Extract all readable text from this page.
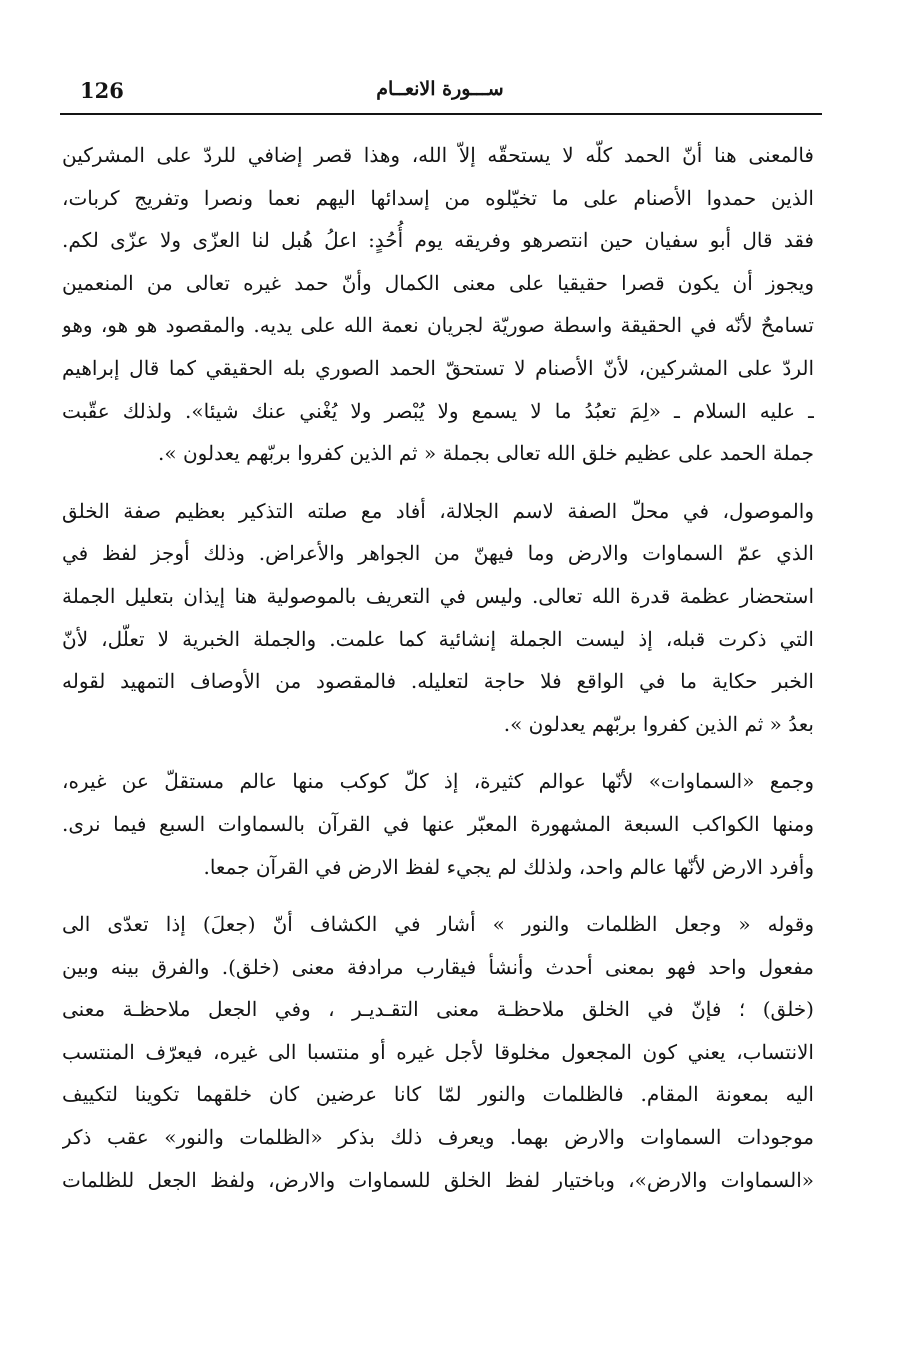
126	ســـورة الانعــام
فالمعنى هنا أنّ الحمد كلّه لا يستحقّه إلاّ الله، وهذا قصر إضافي للردّ على المشركين
الذين حمدوا الأصنام على ما تخيّلوه من إسدائها اليهم نعما ونصرا وتفريج كربات،
فقد قال أبو سفيان حين انتصرهو وفريقه يوم أُحُدٍ: اعلُ هُبل لنا العزّى ولا عزّى لكم.
ويجوز أن يكون قصرا حقيقيا على معنى الكمال وأنّ حمد غيره تعالى من المنعمين
تسامحٌ لأنّه في الحقيقة واسطة صوريّة لجريان نعمة الله على يديه. والمقصود هو هو، وهو
الردّ على المشركين، لأنّ الأصنام لا تستحقّ الحمد الصوري بله الحقيقي كما قال إبراهيم
ـ عليه السلام ـ «لِمَ تعبُدُ ما لا يسمع ولا يُبْصر ولا يُغْني عنك شيئا». ولذلك عقّبت
جملة الحمد على عظيم خلق الله تعالى بجملة « ثم الذين كفروا بربّهم يعدلون ».
والموصول، في محلّ الصفة لاسم الجلالة، أفاد مع صلته التذكير بعظيم صفة الخلق
الذي عمّ السماوات والارض وما فيهنّ من الجواهر والأعراض. وذلك أوجز لفظ في
استحضار عظمة قدرة الله تعالى. وليس في التعريف بالموصولية هنا إيذان بتعليل الجملة
التي ذكرت قبله، إذ ليست الجملة إنشائية كما علمت. والجملة الخبرية لا تعلّل، لأنّ
الخبر حكاية ما في الواقع فلا حاجة لتعليله. فالمقصود من الأوصاف التمهيد لقوله
بعدُ « ثم الذين كفروا بربّهم يعدلون ».
وجمع «السماوات» لأنّها عوالم كثيرة، إذ كلّ كوكب منها عالم مستقلّ عن غيره،
ومنها الكواكب السبعة المشهورة المعبّر عنها في القرآن بالسماوات السبع فيما نرى.
وأفرد الارض لأنّها عالم واحد، ولذلك لم يجيء لفظ الارض في القرآن جمعا.
وقوله « وجعل الظلمات والنور » أشار في الكشاف أنّ (جعلَ) إذا تعدّى الى
مفعول واحد فهو بمعنى أحدث وأنشأ فيقارب مرادفة معنى (خلق). والفرق بينه وبين
(خلق) ؛ فإنّ في الخلق ملاحظـة معنى التقـديـر ، وفي الجعل ملاحظـة معنى
الانتساب، يعني كون المجعول مخلوقا لأجل غيره أو منتسبا الى غيره، فيعرّف المنتسب
اليه بمعونة المقام. فالظلمات والنور لمّا كانا عرضين كان خلقهما تكوينا لتكييف
موجودات السماوات والارض بهما. ويعرف ذلك بذكر «الظلمات والنور» عقب ذكر
«السماوات والارض»، وباختيار لفظ الخلق للسماوات والارض، ولفظ الجعل للظلمات
